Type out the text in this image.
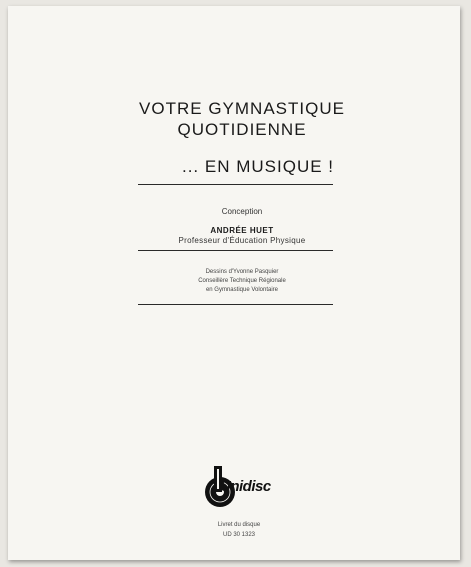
VOTRE GYMNASTIQUE
QUOTIDIENNE
... EN MUSIQUE !
Conception
ANDRÉE HUET
Professeur d'Éducation Physique
Dessins d'Yvonne Pasquier
Conseillère Technique Régionale
en Gymnastique Volontaire
Unidisc
Livret du disque
UD 30 1323
